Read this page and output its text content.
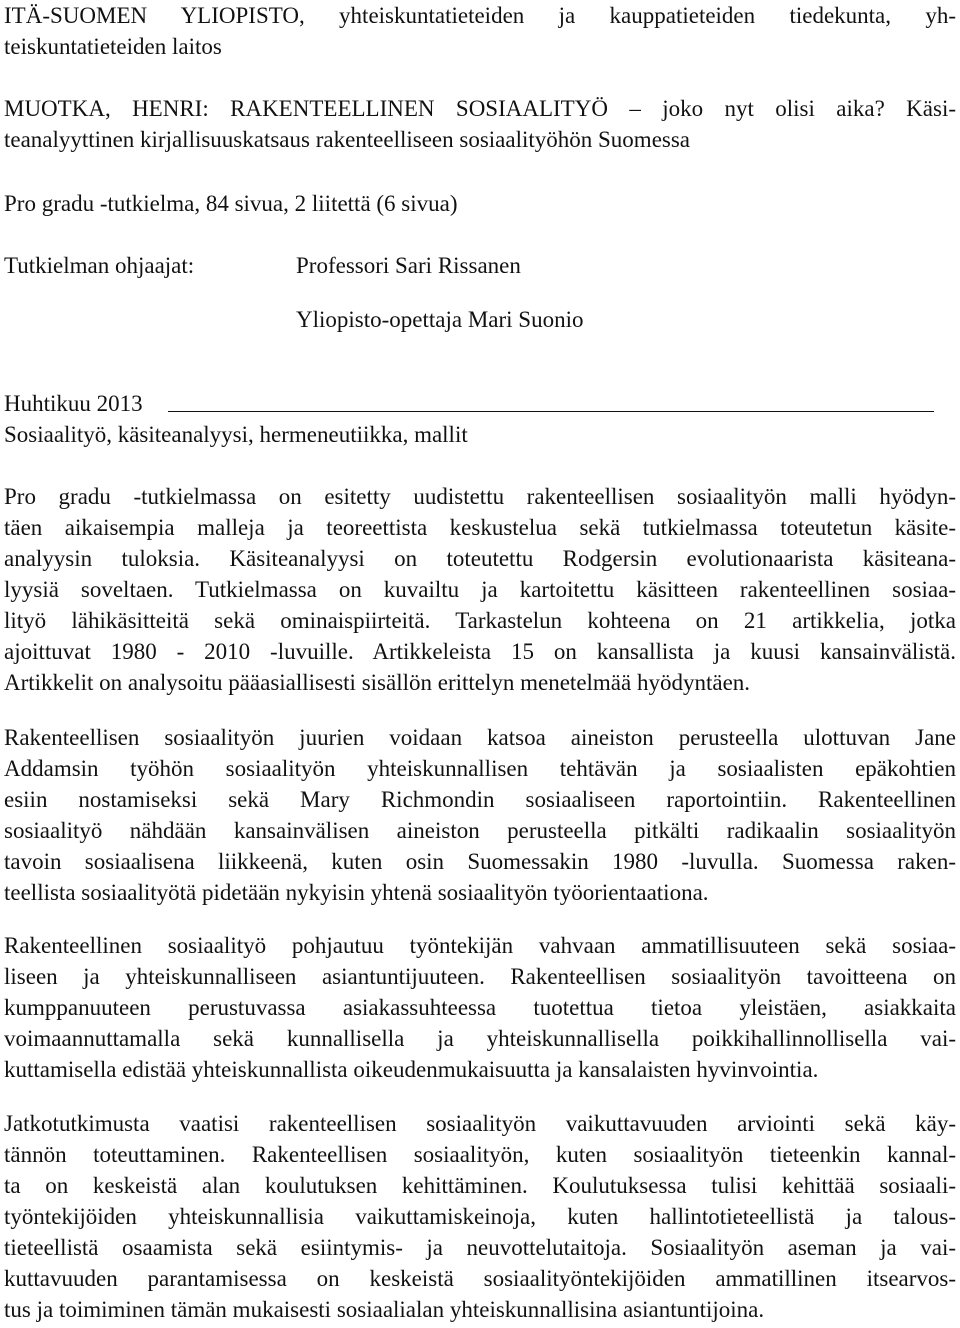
ITÄ-SUOMEN YLIOPISTO, yhteiskuntatieteiden ja kauppatieteiden tiedekunta, yh-
teiskuntatieteiden laitos
MUOTKA, HENRI: RAKENTEELLINEN SOSIAALITYÖ – joko nyt olisi aika? Käsi-
teanalyyttinen kirjallisuuskatsaus rakenteelliseen sosiaalityöhön Suomessa
Pro gradu -tutkielma, 84 sivua, 2 liitettä (6 sivua)
Tutkielman ohjaajat:	Professori Sari Rissanen
Yliopisto-opettaja Mari Suonio
Huhtikuu 2013
Sosiaalityö, käsiteanalyysi, hermeneutiikka, mallit
Pro gradu -tutkielmassa on esitetty uudistettu rakenteellisen sosiaalityön malli hyödyn-
täen aikaisempia malleja ja teoreettista keskustelua sekä tutkielmassa toteutetun käsite-
analyysin tuloksia. Käsiteanalyysi on toteutettu Rodgersin evolutionaarista käsiteana-
lyysiä soveltaen. Tutkielmassa on kuvailtu ja kartoitettu käsitteen rakenteellinen sosiaa-
lityö lähikäsitteitä sekä ominaispiirteitä. Tarkastelun kohteena on 21 artikkelia, jotka
ajoittuvat 1980 - 2010 -luvuille. Artikkeleista 15 on kansallista ja kuusi kansainvälistä.
Artikkelit on analysoitu pääasiallisesti sisällön erittelyn menetelmää hyödyntäen.
Rakenteellisen sosiaalityön juurien voidaan katsoa aineiston perusteella ulottuvan Jane
Addamsin työhön sosiaalityön yhteiskunnallisen tehtävän ja sosiaalisten epäkohtien
esiin nostamiseksi sekä Mary Richmondin sosiaaliseen raportointiin. Rakenteellinen
sosiaalityö nähdään kansainvälisen aineiston perusteella pitkälti radikaalin sosiaalityön
tavoin sosiaalisena liikkeenä, kuten osin Suomessakin 1980 -luvulla. Suomessa raken-
teellista sosiaalityötä pidetään nykyisin yhtenä sosiaalityön työorientaationa.
Rakenteellinen sosiaalityö pohjautuu työntekijän vahvaan ammatillisuuteen sekä sosiaa-
liseen ja yhteiskunnalliseen asiantuntijuuteen. Rakenteellisen sosiaalityön tavoitteena on
kumppanuuteen perustuvassa asiakassuhteessa tuotettua tietoa yleistäen, asiakkaita
voimaannuttamalla sekä kunnallisella ja yhteiskunnallisella poikkihallinnollisella vai-
kuttamisella edistää yhteiskunnallista oikeudenmukaisuutta ja kansalaisten hyvinvointia.
Jatkotutkimusta vaatisi rakenteellisen sosiaalityön vaikuttavuuden arviointi sekä käy-
tännön toteuttaminen. Rakenteellisen sosiaalityön, kuten sosiaalityön tieteenkin kannal-
ta on keskeistä alan koulutuksen kehittäminen. Koulutuksessa tulisi kehittää sosiaali-
työntekijöiden yhteiskunnallisia vaikuttamiskeinoja, kuten hallintotieteellistä ja talous-
tieteellistä osaamista sekä esiintymis- ja neuvottelutaitoja. Sosiaalityön aseman ja vai-
kuttavuuden parantamisessa on keskeistä sosiaalityöntekijöiden ammatillinen itsearvos-
tus ja toimiminen tämän mukaisesti sosiaalialan yhteiskunnallisina asiantuntijoina.
